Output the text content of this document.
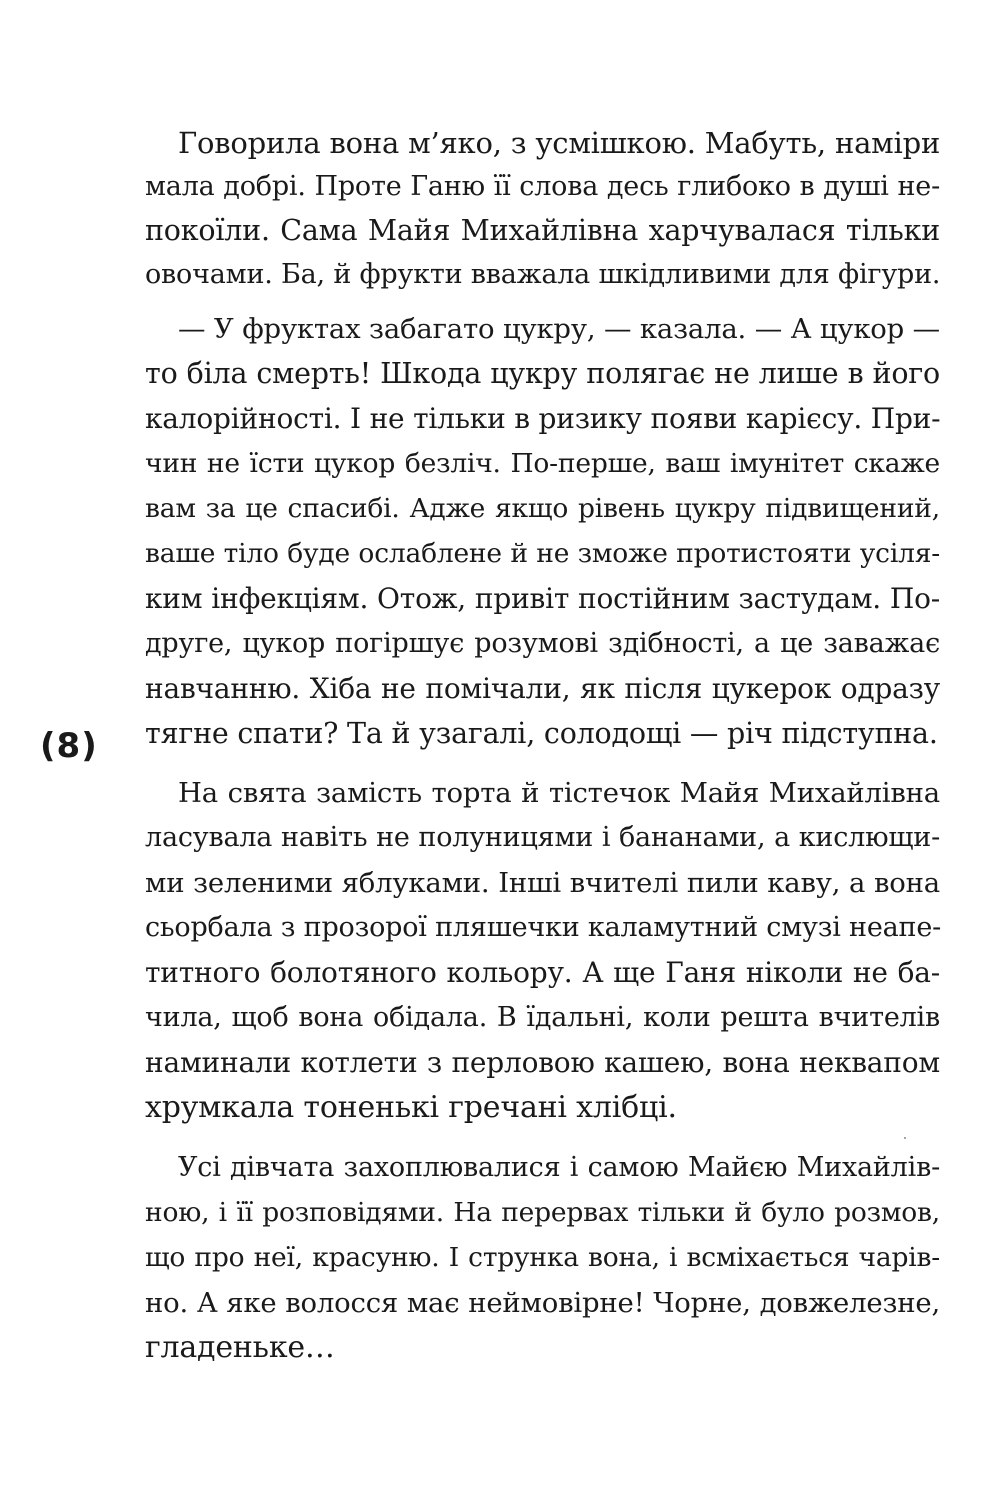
Говорила вона м’яко, з усмішкою. Мабуть, наміри
мала добрі. Проте Ганю її слова десь глибоко в душі не-
покоїли. Сама Майя Михайлівна харчувалася тільки
овочами. Ба, й фрукти вважала шкідливими для фігури.
— У фруктах забагато цукру, — казала. — А цукор —
то біла смерть! Шкода цукру полягає не лише в його
калорійності. І не тільки в ризику появи карієсу. При-
чин не їсти цукор безліч. По-перше, ваш імунітет скаже
вам за це спасибі. Адже якщо рівень цукру підвищений,
ваше тіло буде ослаблене й не зможе протистояти усіля-
ким інфекціям. Отож, привіт постійним застудам. По-
друге, цукор погіршує розумові здібності, а це заважає
навчанню. Хіба не помічали, як після цукерок одразу
тягне спати? Та й узагалі, солодощі — річ підступна.
(8)
На свята замість торта й тістечок Майя Михайлівна
ласувала навіть не полуницями і бананами, а кислющи-
ми зеленими яблуками. Інші вчителі пили каву, а вона
сьорбала з прозорої пляшечки каламутний смузі неапе-
титного болотяного кольору. А ще Ганя ніколи не ба-
чила, щоб вона обідала. В їдальні, коли решта вчителів
наминали котлети з перловою кашею, вона неквапом
хрумкала тоненькі гречані хлібці.
Усі дівчата захоплювалися і самою Майєю Михайлів-
ною, і її розповідями. На перервах тільки й було розмов,
що про неї, красуню. І струнка вона, і всміхається чарів-
но. А яке волосся має неймовірне! Чорне, довжелезне,
гладеньке…
